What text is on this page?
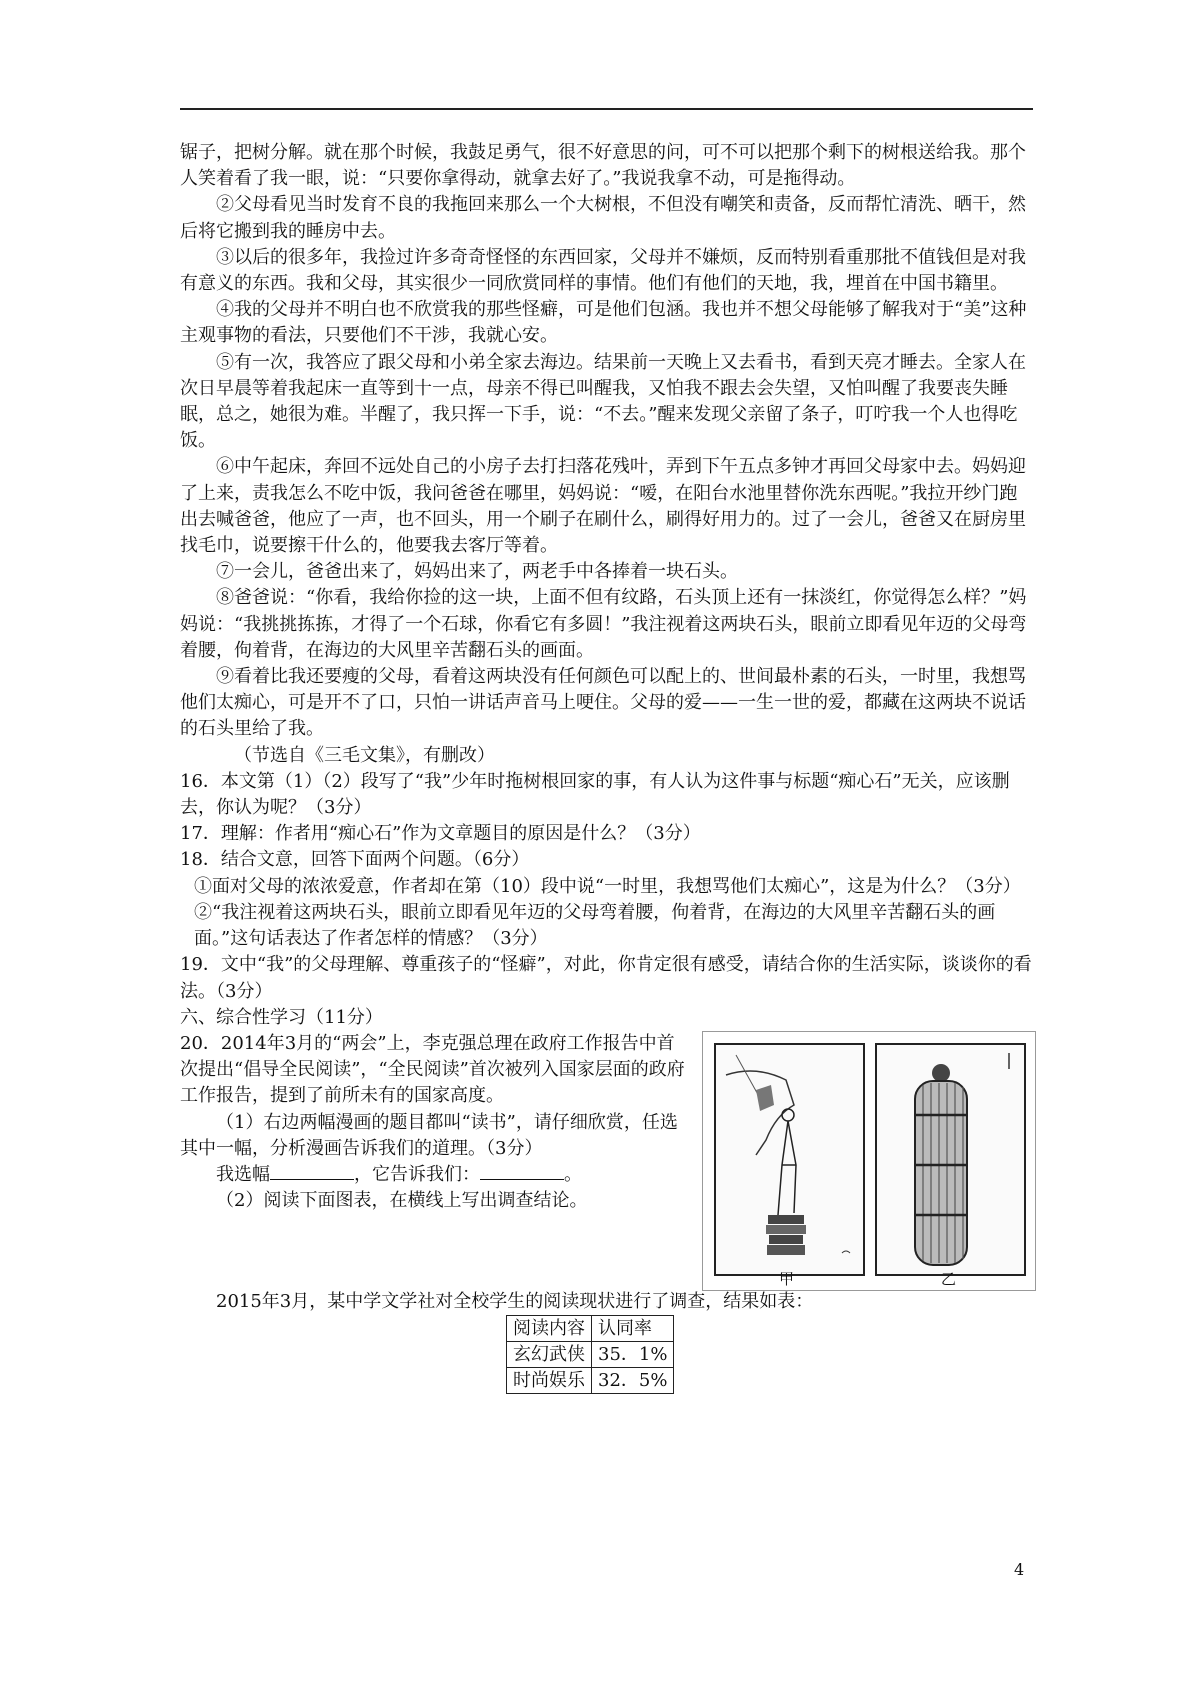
锯子，把树分解。就在那个时候，我鼓足勇气，很不好意思的问，可不可以把那个剩下的树根送给我。那个人笑着看了我一眼，说：“只要你拿得动，就拿去好了。”我说我拿不动，可是拖得动。

②父母看见当时发育不良的我拖回来那么一个大树根，不但没有嘲笑和责备，反而帮忙清洗、晒干，然后将它搬到我的睡房中去。

③以后的很多年，我捡过许多奇奇怪怪的东西回家，父母并不嫌烦，反而特别看重那批不值钱但是对我有意义的东西。我和父母，其实很少一同欣赏同样的事情。他们有他们的天地，我，埋首在中国书籍里。

④我的父母并不明白也不欣赏我的那些怪癖，可是他们包涵。我也并不想父母能够了解我对于“美”这种主观事物的看法，只要他们不干涉，我就心安。

⑤有一次，我答应了跟父母和小弟全家去海边。结果前一天晚上又去看书，看到天亮才睡去。全家人在次日早晨等着我起床一直等到十一点，母亲不得已叫醒我，又怕我不跟去会失望，又怕叫醒了我要丧失睡眠，总之，她很为难。半醒了，我只挥一下手，说：“不去。”醒来发现父亲留了条子，叮咛我一个人也得吃饭。

⑥中午起床，奔回不远处自己的小房子去打扫落花残叶，弄到下午五点多钟才再回父母家中去。妈妈迎了上来，责我怎么不吃中饭，我问爸爸在哪里，妈妈说：“嗳，在阳台水池里替你洗东西呢。”我拉开纱门跑出去喊爸爸，他应了一声，也不回头，用一个刷子在刷什么，刷得好用力的。过了一会儿，爸爸又在厨房里找毛巾，说要擦干什么的，他要我去客厅等着。

⑦一会儿，爸爸出来了，妈妈出来了，两老手中各捧着一块石头。

⑧爸爸说：“你看，我给你捡的这一块，上面不但有纹路，石头顶上还有一抹淡红，你觉得怎么样？”妈妈说：“我挑挑拣拣，才得了一个石球，你看它有多圆！”我注视着这两块石头，眼前立即看见年迈的父母弯着腰，佝着背，在海边的大风里辛苦翻石头的画面。

⑨看着比我还要瘦的父母，看着这两块没有任何颜色可以配上的、世间最朴素的石头，一时里，我想骂他们太痴心，可是开不了口，只怕一讲话声音马上哽住。父母的爱——一生一世的爱，都藏在这两块不说话的石头里给了我。

（节选自《三毛文集》，有删改）

16．本文第（1）（2）段写了“我”少年时拖树根回家的事，有人认为这件事与标题“痴心石”无关，应该删去，你认为呢？（3分）

17．理解：作者用“痴心石”作为文章题目的原因是什么？（3分）

18．结合文意，回答下面两个问题。（6分）

①面对父母的浓浓爱意，作者却在第（10）段中说“一时里，我想骂他们太痴心”，这是为什么？（3分）

②“我注视着这两块石头，眼前立即看见年迈的父母弯着腰，佝着背，在海边的大风里辛苦翻石头的画面。”这句话表达了作者怎样的情感？（3分）

19．文中“我”的父母理解、尊重孩子的“怪癖”，对此，你肯定很有感受，请结合你的生活实际，谈谈你的看法。（3分）

六、综合性学习（11分）

20．2014年3月的“两会”上，李克强总理在政府工作报告中首次提出“倡导全民阅读”，“全民阅读”首次被列入国家层面的政府工作报告，提到了前所未有的国家高度。

（1）右边两幅漫画的题目都叫“读书”，请仔细欣赏，任选其中一幅，分析漫画告诉我们的道理。（3分）

我选幅	，它告诉我们：	。

（2）阅读下面图表，在横线上写出调查结论。

甲	乙

2015年3月，某中学文学社对全校学生的阅读现状进行了调查，结果如表：

阅读内容	认同率
玄幻武侠	35．1%
时尚娱乐	32．5%
4
